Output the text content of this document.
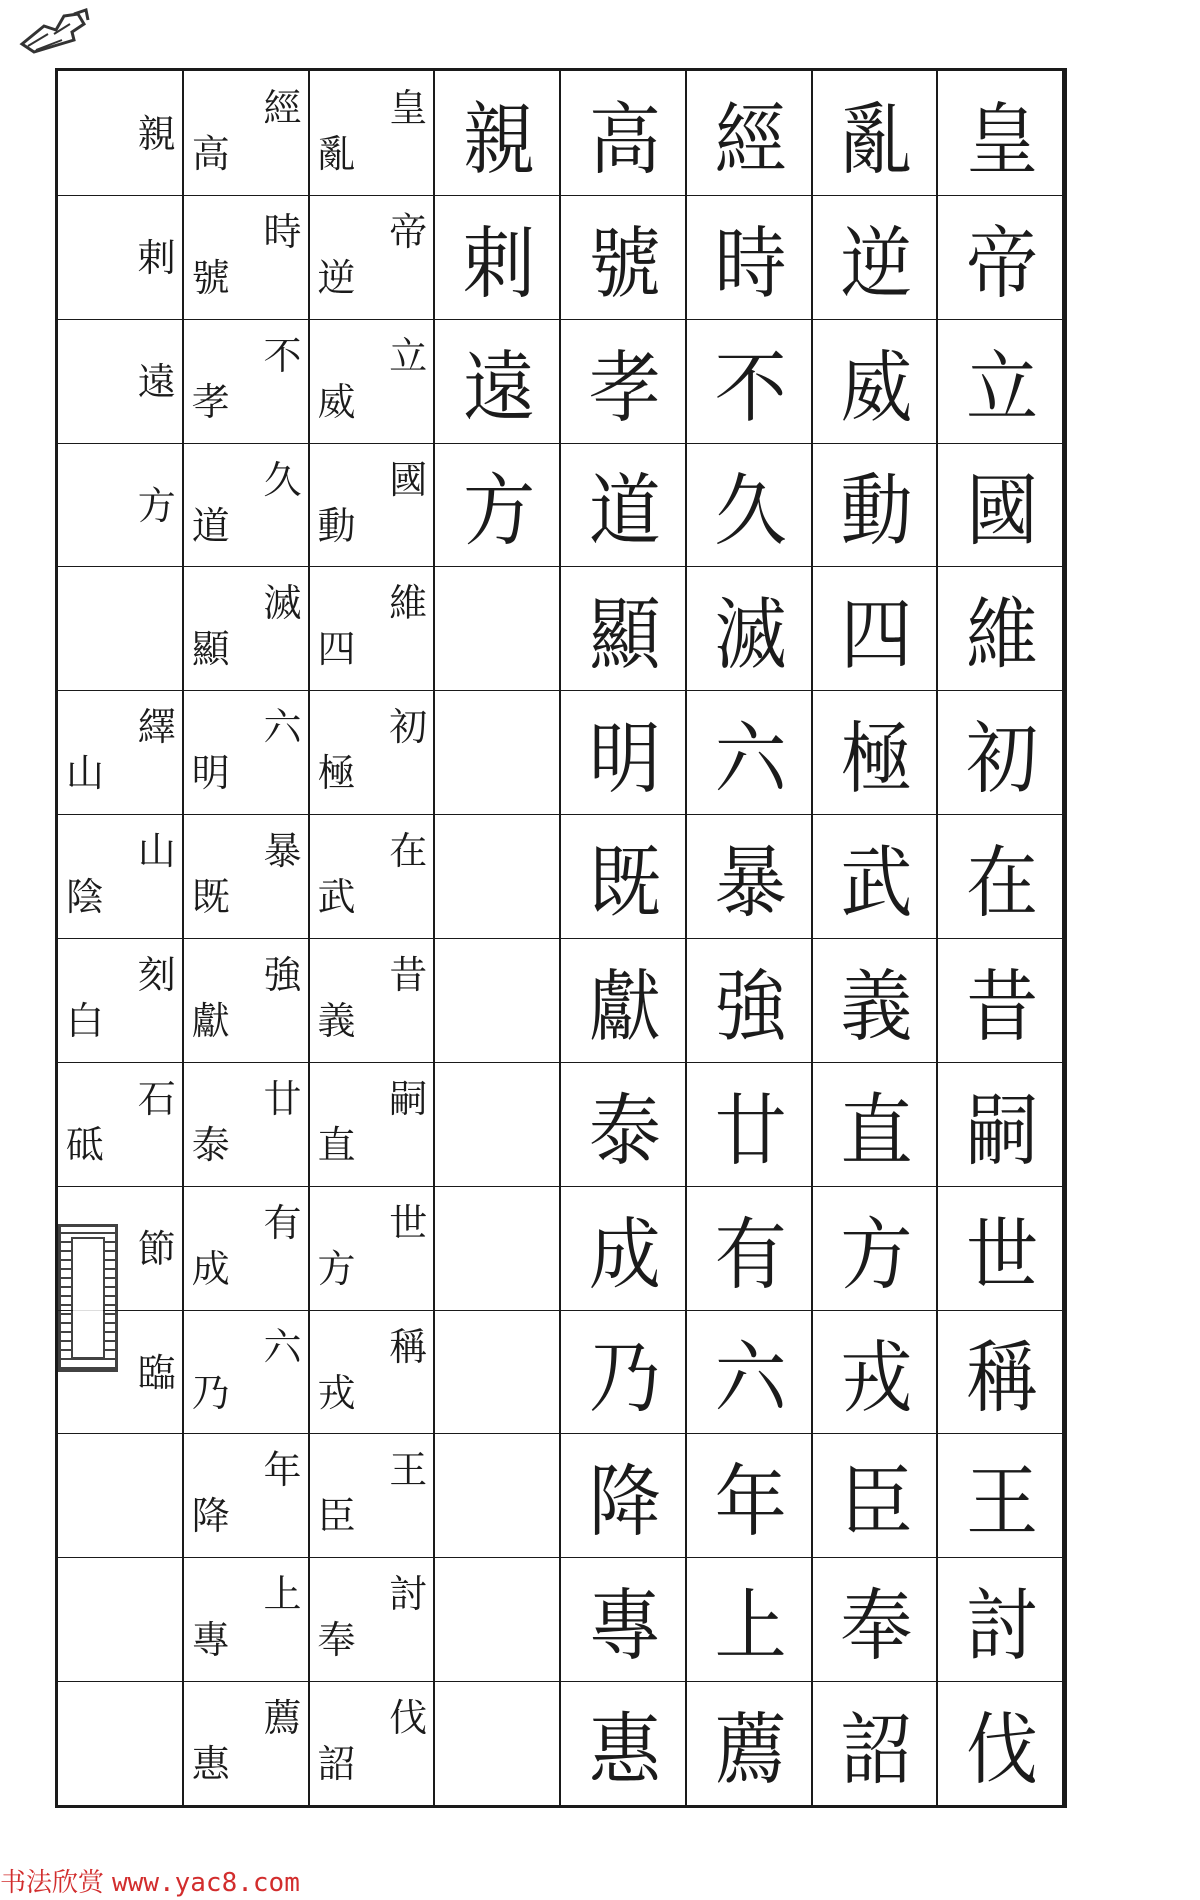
皇
帝
立
國
維
初
在
昔
嗣
世
稱
王
討
伐
亂
逆
威
動
四
極
武
義
直
方
戎
臣
奉
詔
經
時
不
久
滅
六
暴
強
廿
有
六
年
上
薦
高
號
孝
道
顯
明
既
獻
泰
成
乃
降
專
惠
親
剌
遠
方
皇
亂
帝
逆
立
威
國
動
維
四
初
極
在
武
昔
義
嗣
直
世
方
稱
戎
王
臣
討
奉
伐
詔
經
高
時
號
不
孝
久
道
滅
顯
六
明
暴
既
強
獻
廿
泰
有
成
六
乃
年
降
上
專
薦
惠
親
剌
遠
方
繹
山
山
陰
刻
白
石
砥
節
臨
书法欣赏 www.yac8.com
